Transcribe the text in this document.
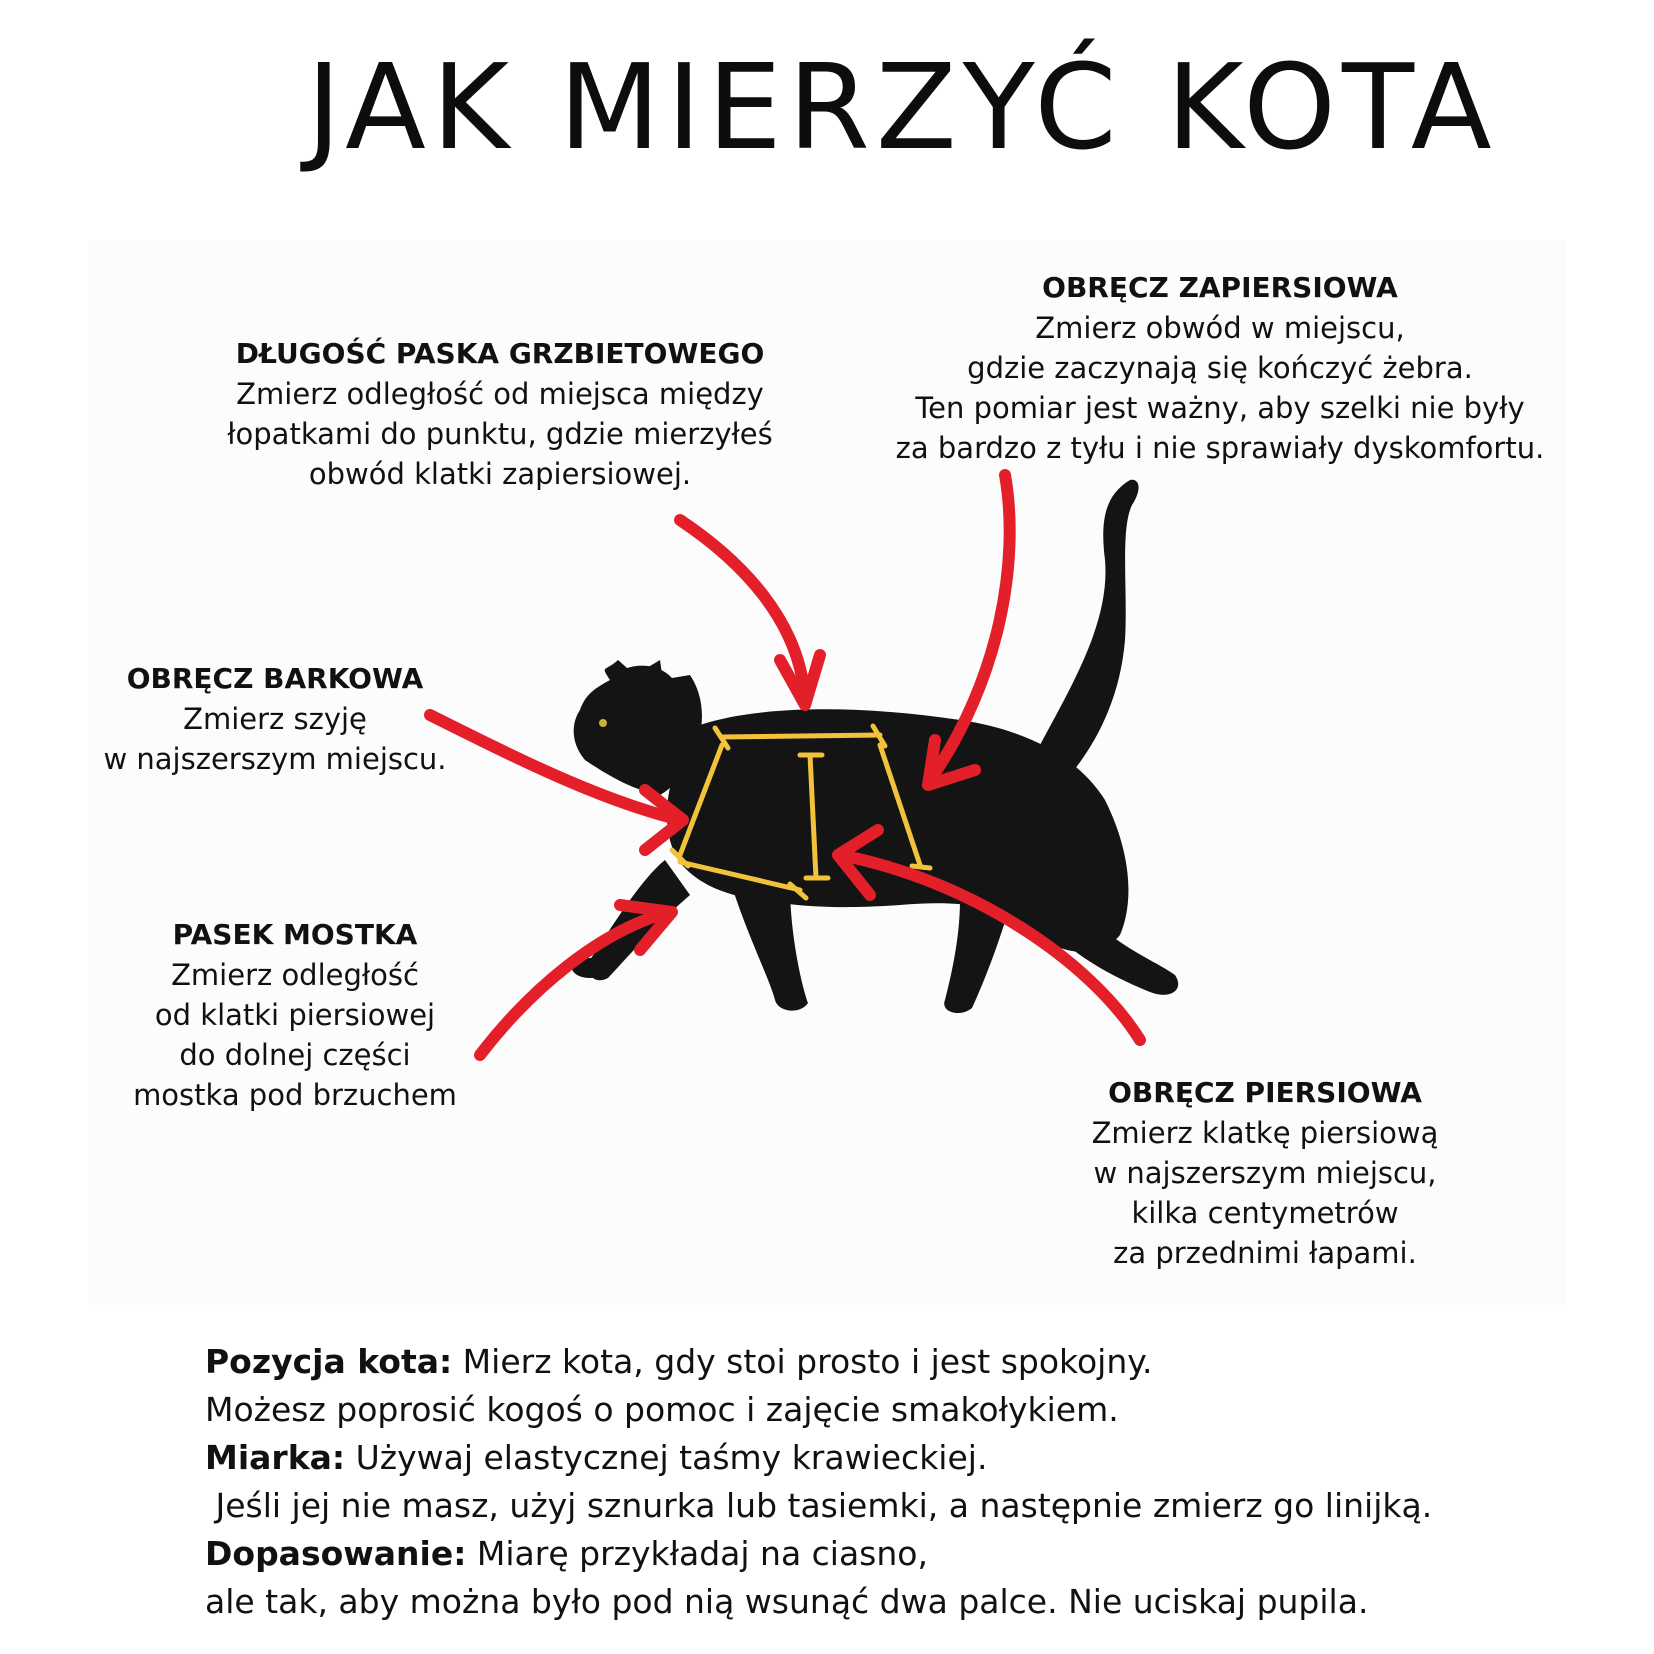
JAK MIERZYĆ KOTA
DŁUGOŚĆ PASKA GRZBIETOWEGO

Zmierz odległość od miejsca między
łopatkami do punktu, gdzie mierzyłeś
obwód klatki zapiersiowej.

OBRĘCZ ZAPIERSIOWA

Zmierz obwód w miejscu,
gdzie zaczynają się kończyć żebra.
Ten pomiar jest ważny, aby szelki nie były
za bardzo z tyłu i nie sprawiały dyskomfortu.

OBRĘCZ BARKOWA

Zmierz szyję
w najszerszym miejscu.

PASEK MOSTKA

Zmierz odległość
od klatki piersiowej
do dolnej części
mostka pod brzuchem	OBRĘCZ PIERSIOWA

Zmierz klatkę piersiową
w najszerszym miejscu,
kilka centymetrów
za przednimi łapami.

Pozycja kota: Mierz kota, gdy stoi prosto i jest spokojny.
Możesz poprosić kogoś o pomoc i zajęcie smakołykiem.
Miarka: Używaj elastycznej taśmy krawieckiej.
Jeśli jej nie masz, użyj sznurka lub tasiemki, a następnie zmierz go linijką.
Dopasowanie: Miarę przykładaj na ciasno,
ale tak, aby można było pod nią wsunąć dwa palce. Nie uciskaj pupila.
